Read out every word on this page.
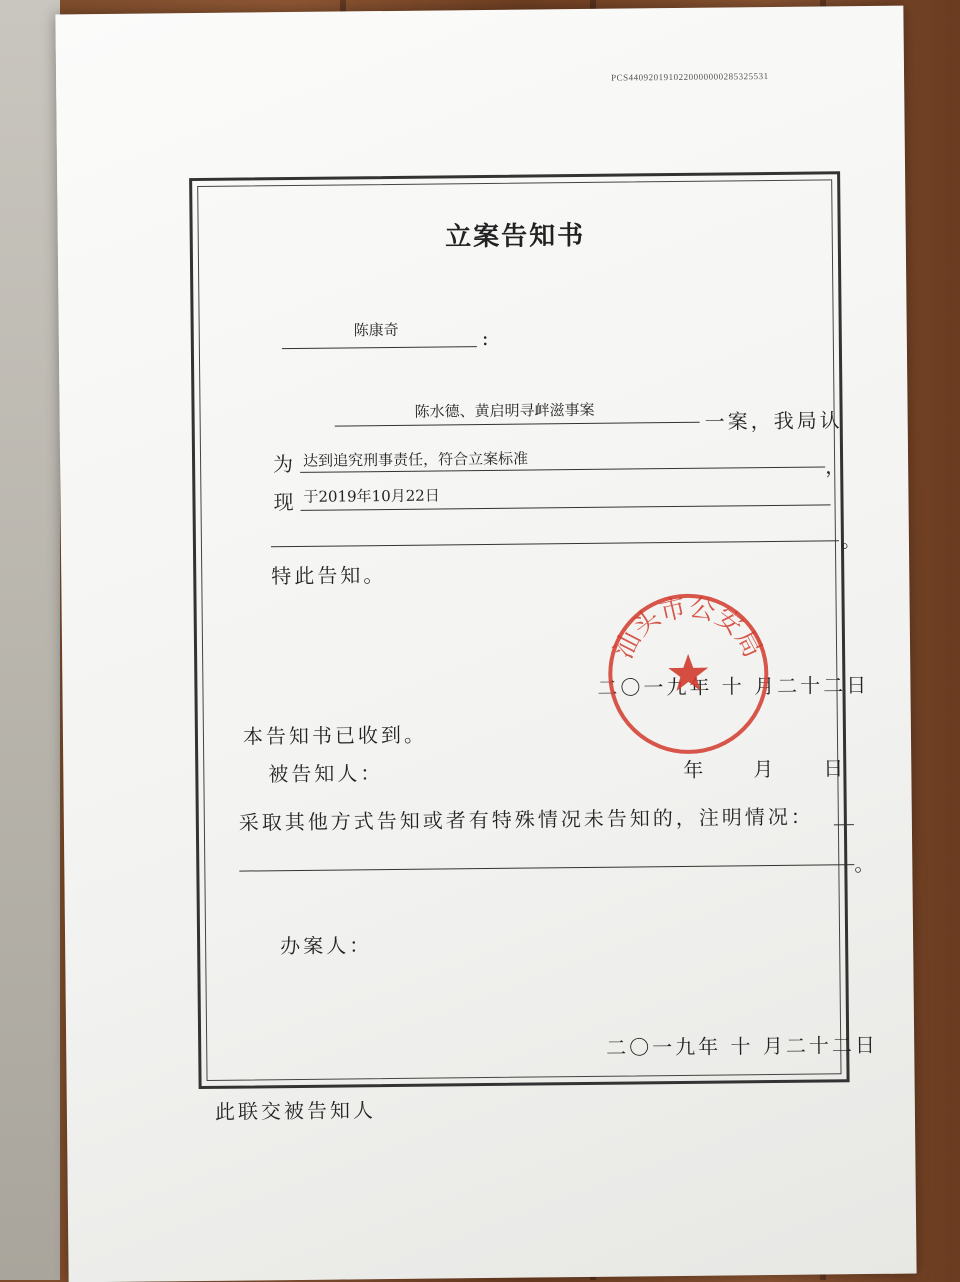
PCS4409201910220000000285325531
立案告知书
陈康奇	:
陈水德、黄启明寻衅滋事案	一案，我局认
为 达到追究刑事责任，符合立案标准	，
现 于2019年10月22日
。
特此告知。
二〇一九年 十 月二十二日
本告知书已收到。
被告知人：	年 月 日
采取其他方式告知或者有特殊情况未告知的，注明情况：
。
办案人：
二〇一九年 十 月二十二日
汕头市公安局
此联交被告知人
